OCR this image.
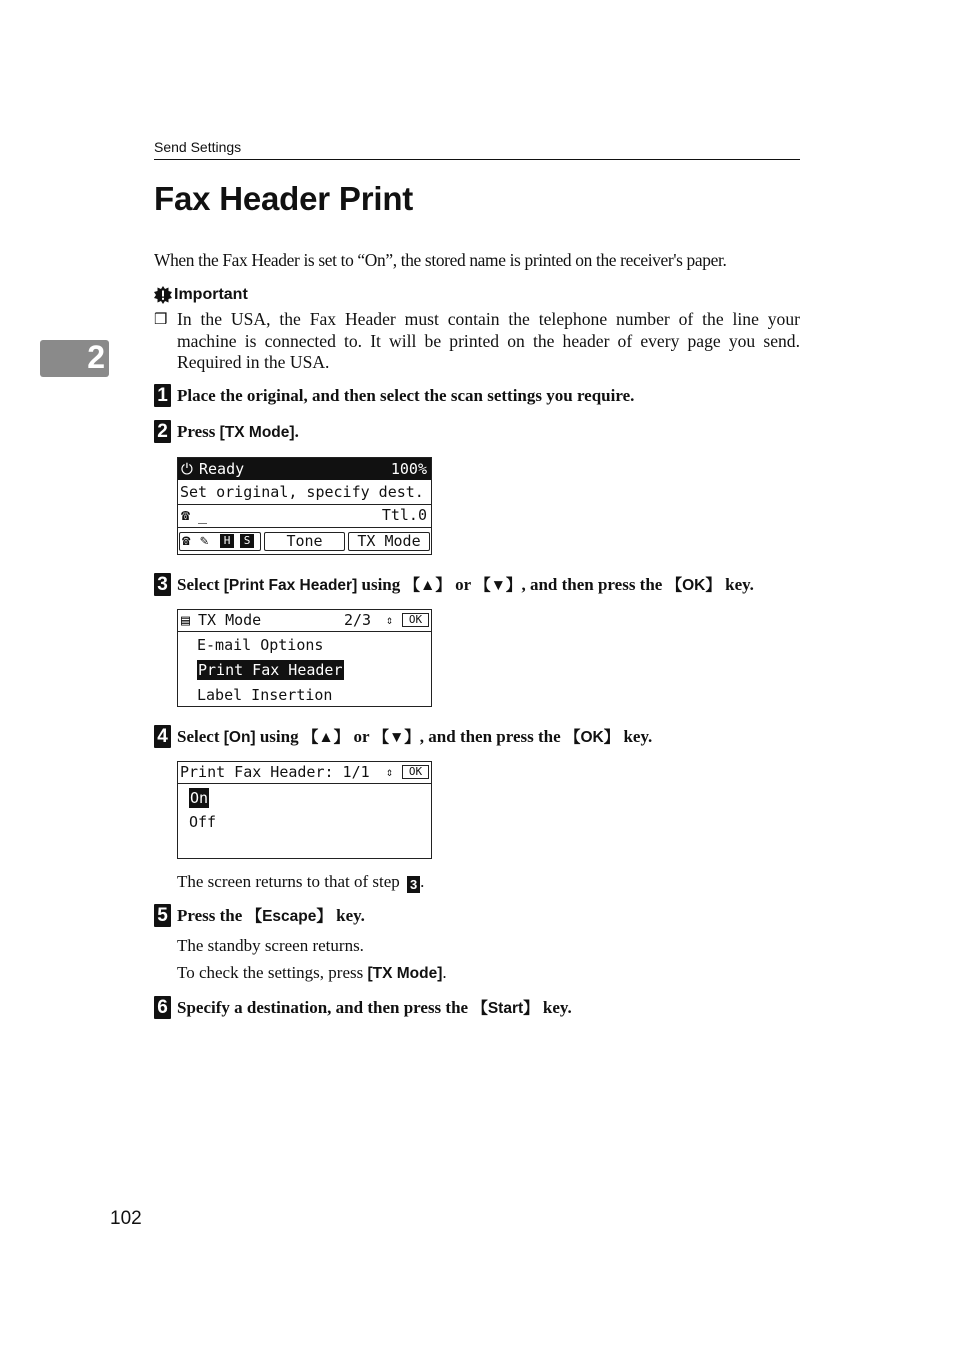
Send Settings
Fax Header Print
When the Fax Header is set to “On”, the stored name is printed on the receiver's paper.
Important
❒ In the USA, the Fax Header must contain the telephone number of the line your machine is connected to. It will be printed on the header of every page you send. Required in the USA.
2
1 Place the original, and then select the scan settings you require.
2 Press [TX Mode].

⏻

Ready

	100%

Set original, specify dest.

☎

_

	Ttl.0

☎

✎

	H

	S

	Tone

	TX Mode

3 Select [Print Fax Header] using 【▲】 or 【▼】, and then press the 【OK】 key.

▤

TX Mode

	2/3

⇕

	OK

E-mail Options
Print Fax Header
Label Insertion
4 Select [On] using 【▲】 or 【▼】, and then press the 【OK】 key.

Print Fax Header: 1/1

⇕

	OK

On
Off
The screen returns to that of step 3 .
5 Press the 【Escape】 key.
The standby screen returns.
To check the settings, press [TX Mode].
6 Specify a destination, and then press the 【Start】 key.
102
